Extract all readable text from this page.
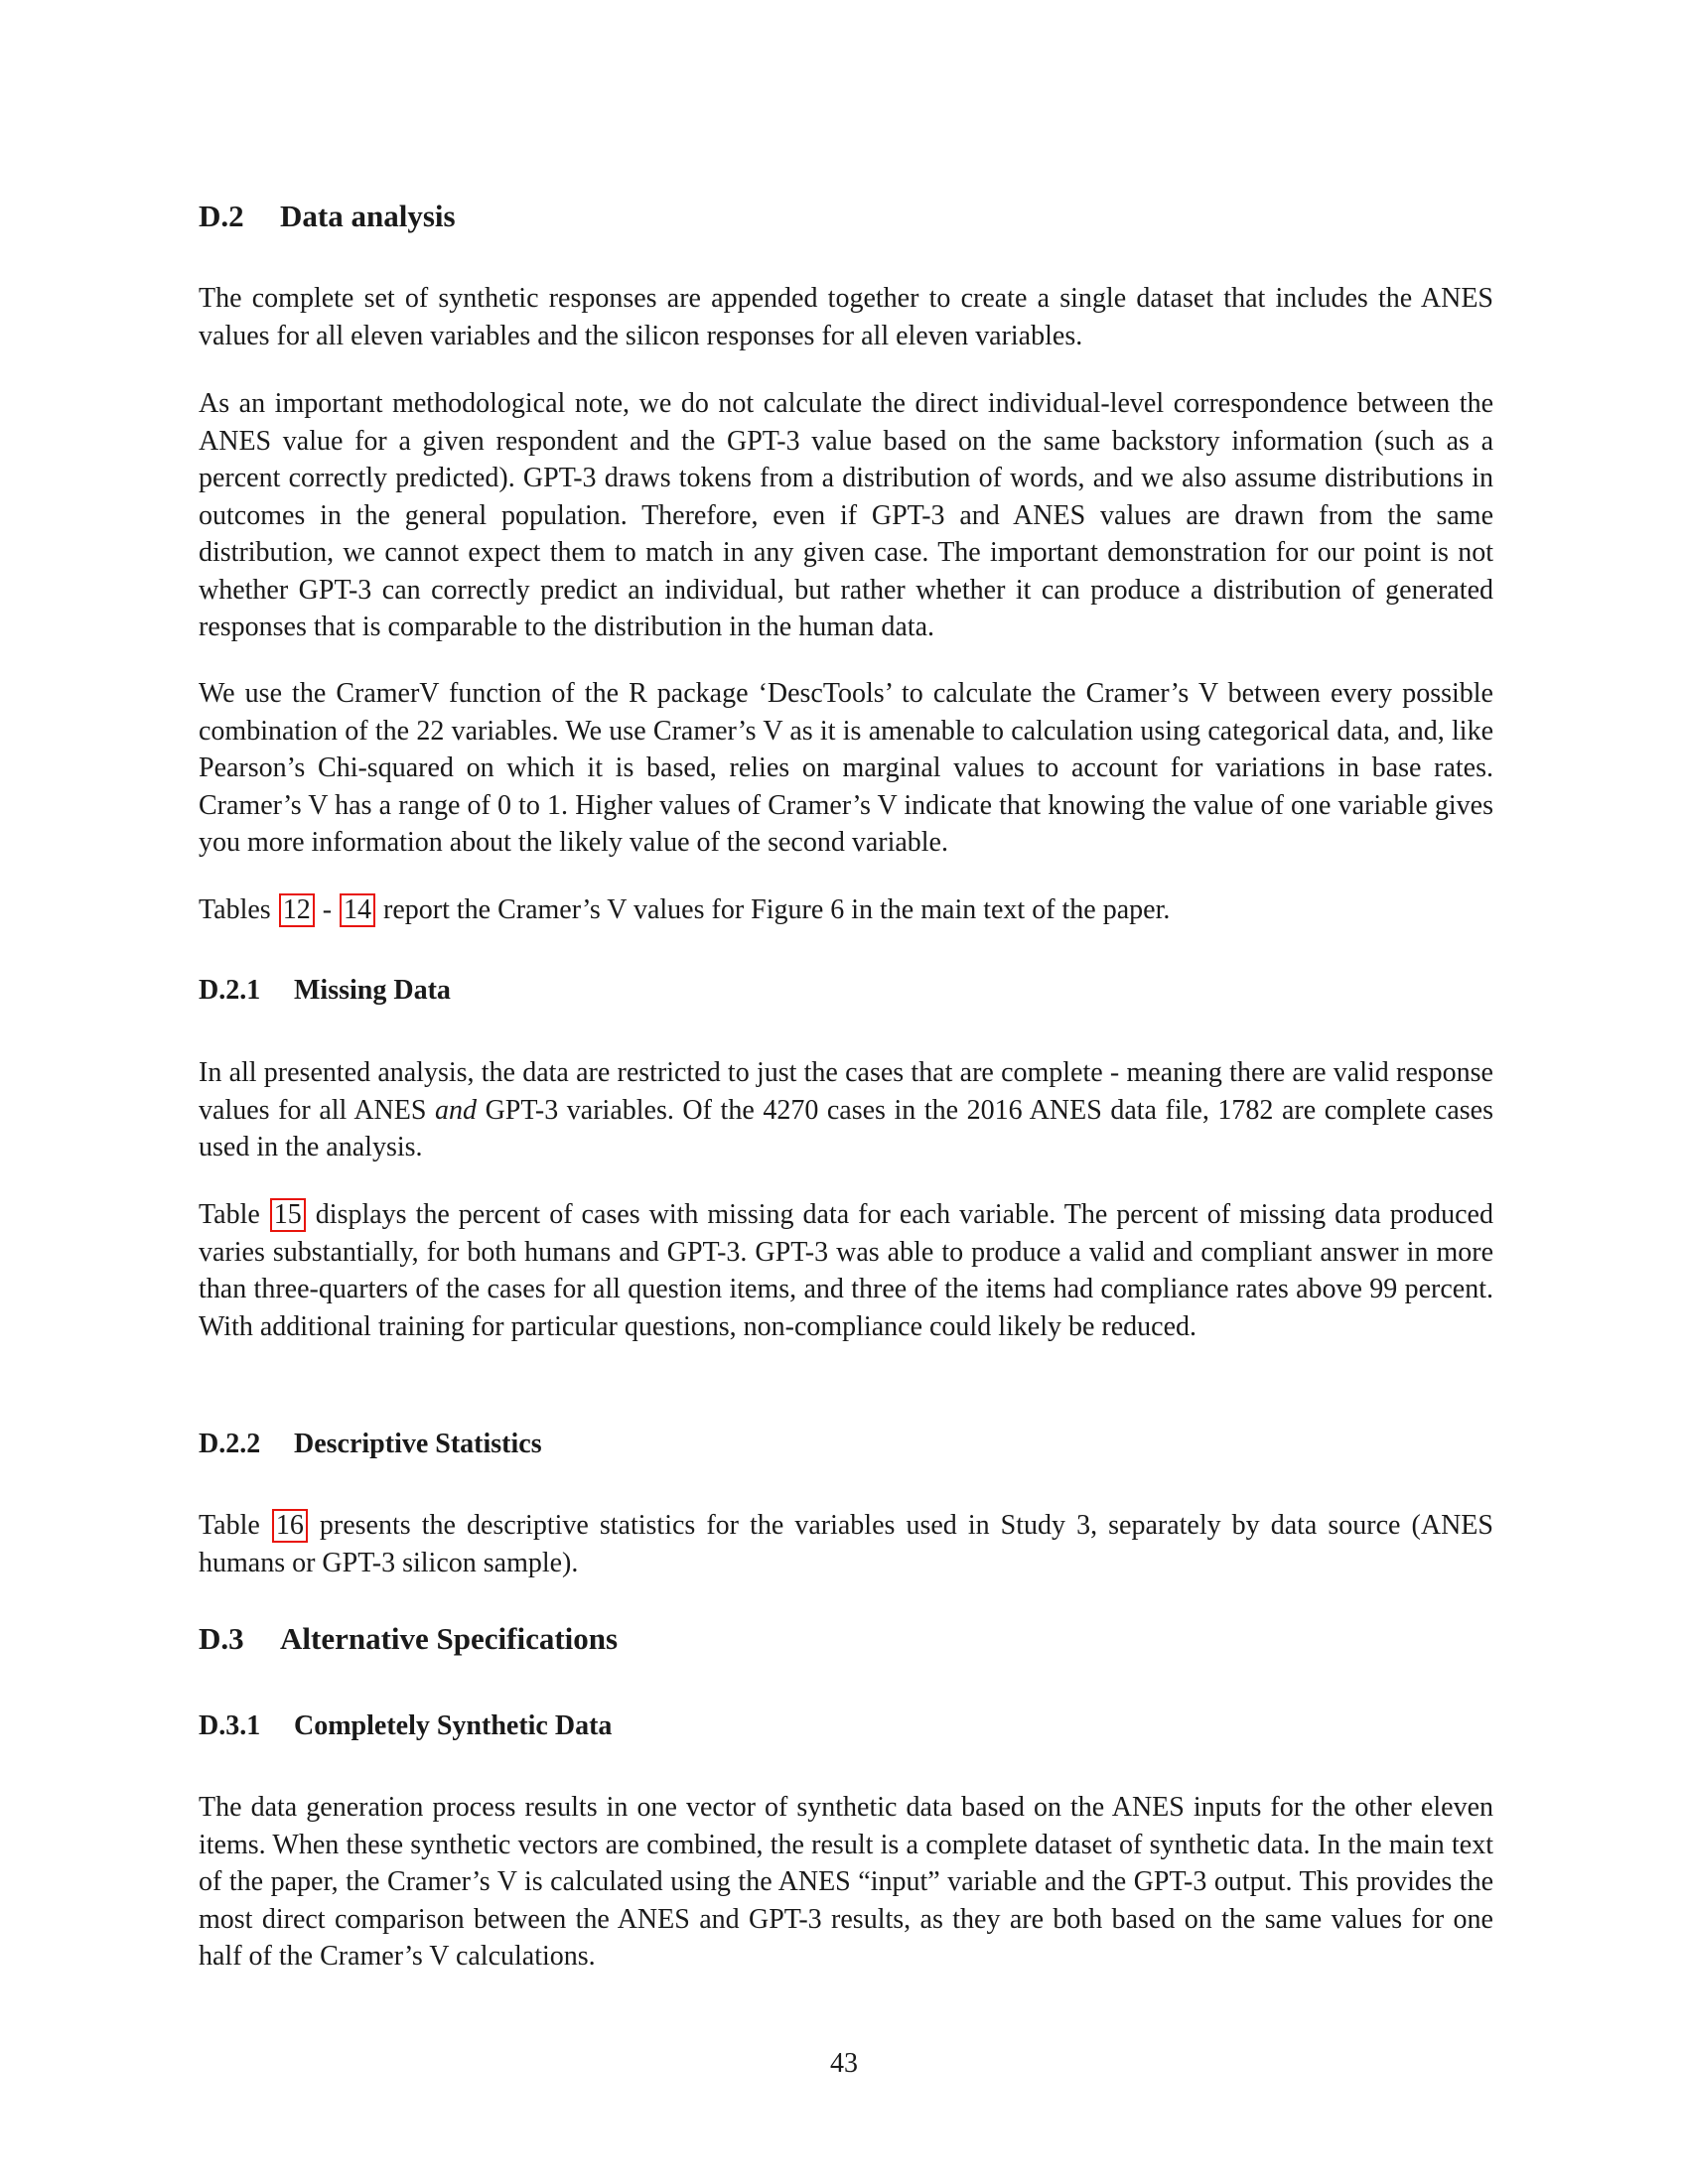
D.2 Data analysis
The complete set of synthetic responses are appended together to create a single dataset that includes the ANES values for all eleven variables and the silicon responses for all eleven variables.
As an important methodological note, we do not calculate the direct individual-level correspondence between the ANES value for a given respondent and the GPT-3 value based on the same backstory information (such as a percent correctly predicted). GPT-3 draws tokens from a distribution of words, and we also assume distributions in outcomes in the general population. Therefore, even if GPT-3 and ANES values are drawn from the same distribution, we cannot expect them to match in any given case. The important demonstration for our point is not whether GPT-3 can correctly predict an individual, but rather whether it can produce a distribution of generated responses that is comparable to the distribution in the human data.
We use the CramerV function of the R package ‘DescTools’ to calculate the Cramer’s V between every possible combination of the 22 variables. We use Cramer’s V as it is amenable to calculation using categorical data, and, like Pearson’s Chi-squared on which it is based, relies on marginal values to account for variations in base rates. Cramer’s V has a range of 0 to 1. Higher values of Cramer’s V indicate that knowing the value of one variable gives you more information about the likely value of the second variable.
Tables 12 - 14 report the Cramer’s V values for Figure 6 in the main text of the paper.
D.2.1 Missing Data
In all presented analysis, the data are restricted to just the cases that are complete - meaning there are valid response values for all ANES and GPT-3 variables. Of the 4270 cases in the 2016 ANES data file, 1782 are complete cases used in the analysis.
Table 15 displays the percent of cases with missing data for each variable. The percent of missing data produced varies substantially, for both humans and GPT-3. GPT-3 was able to produce a valid and compliant answer in more than three-quarters of the cases for all question items, and three of the items had compliance rates above 99 percent. With additional training for particular questions, non-compliance could likely be reduced.
D.2.2 Descriptive Statistics
Table 16 presents the descriptive statistics for the variables used in Study 3, separately by data source (ANES humans or GPT-3 silicon sample).
D.3 Alternative Specifications
D.3.1 Completely Synthetic Data
The data generation process results in one vector of synthetic data based on the ANES inputs for the other eleven items. When these synthetic vectors are combined, the result is a complete dataset of synthetic data. In the main text of the paper, the Cramer’s V is calculated using the ANES “input” variable and the GPT-3 output. This provides the most direct comparison between the ANES and GPT-3 results, as they are both based on the same values for one half of the Cramer’s V calculations.
43
